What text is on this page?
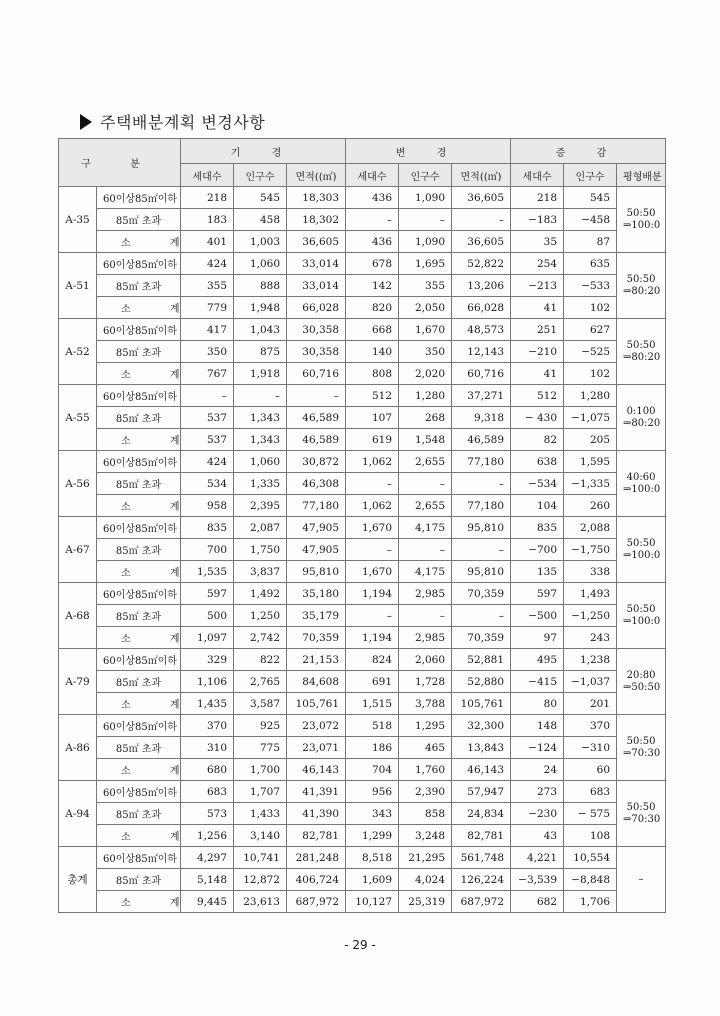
주택배분계획 변경사항
구 분		기 경			변 경			증 감		
		세대수	인구수	면적((㎡)	세대수	인구수	면적((㎡)	세대수	인구수	평형배분
A-35	60이상85㎡이하	218	545	18,303	436	1,090	36,605	218	545	50:50 ⇒100:0
	85㎡ 초과	183	458	18,302	–	–	–	−183	−458	
	소 계	401	1,003	36,605	436	1,090	36,605	35	87	
A-51	60이상85㎡이하	424	1,060	33,014	678	1,695	52,822	254	635	50:50 ⇒80:20
	85㎡ 초과	355	888	33,014	142	355	13,206	−213	−533	
	소 계	779	1,948	66,028	820	2,050	66,028	41	102	
A-52	60이상85㎡이하	417	1,043	30,358	668	1,670	48,573	251	627	50:50 ⇒80:20
	85㎡ 초과	350	875	30,358	140	350	12,143	−210	−525	
	소 계	767	1,918	60,716	808	2,020	60,716	41	102	
A-55	60이상85㎡이하	–	–	–	512	1,280	37,271	512	1,280	0:100 ⇒80:20
	85㎡ 초과	537	1,343	46,589	107	268	9,318	− 430	−1,075	
	소 계	537	1,343	46,589	619	1,548	46,589	82	205	
A-56	60이상85㎡이하	424	1,060	30,872	1,062	2,655	77,180	638	1,595	40:60 ⇒100:0
	85㎡ 초과	534	1,335	46,308	–	–	–	−534	−1,335	
	소 계	958	2,395	77,180	1,062	2,655	77,180	104	260	
A-67	60이상85㎡이하	835	2,087	47,905	1,670	4,175	95,810	835	2,088	50:50 ⇒100:0
	85㎡ 초과	700	1,750	47,905	–	–	–	−700	−1,750	
	소 계	1,535	3,837	95,810	1,670	4,175	95,810	135	338	
A-68	60이상85㎡이하	597	1,492	35,180	1,194	2,985	70,359	597	1,493	50:50 ⇒100:0
	85㎡ 초과	500	1,250	35,179	–	–	–	−500	−1,250	
	소 계	1,097	2,742	70,359	1,194	2,985	70,359	97	243	
A-79	60이상85㎡이하	329	822	21,153	824	2,060	52,881	495	1,238	20:80 ⇒50:50
	85㎡ 초과	1,106	2,765	84,608	691	1,728	52,880	−415	−1,037	
	소 계	1,435	3,587	105,761	1,515	3,788	105,761	80	201	
A-86	60이상85㎡이하	370	925	23,072	518	1,295	32,300	148	370	50:50 ⇒70:30
	85㎡ 초과	310	775	23,071	186	465	13,843	−124	−310	
	소 계	680	1,700	46,143	704	1,760	46,143	24	60	
A-94	60이상85㎡이하	683	1,707	41,391	956	2,390	57,947	273	683	50:50 ⇒70:30
	85㎡ 초과	573	1,433	41,390	343	858	24,834	−230	− 575	
	소 계	1,256	3,140	82,781	1,299	3,248	82,781	43	108	
총계	60이상85㎡이하	4,297	10,741	281,248	8,518	21,295	561,748	4,221	10,554	–
	85㎡ 초과	5,148	12,872	406,724	1,609	4,024	126,224	−3,539	−8,848	
	소 계	9,445	23,613	687,972	10,127	25,319	687,972	682	1,706	
- 29 -
